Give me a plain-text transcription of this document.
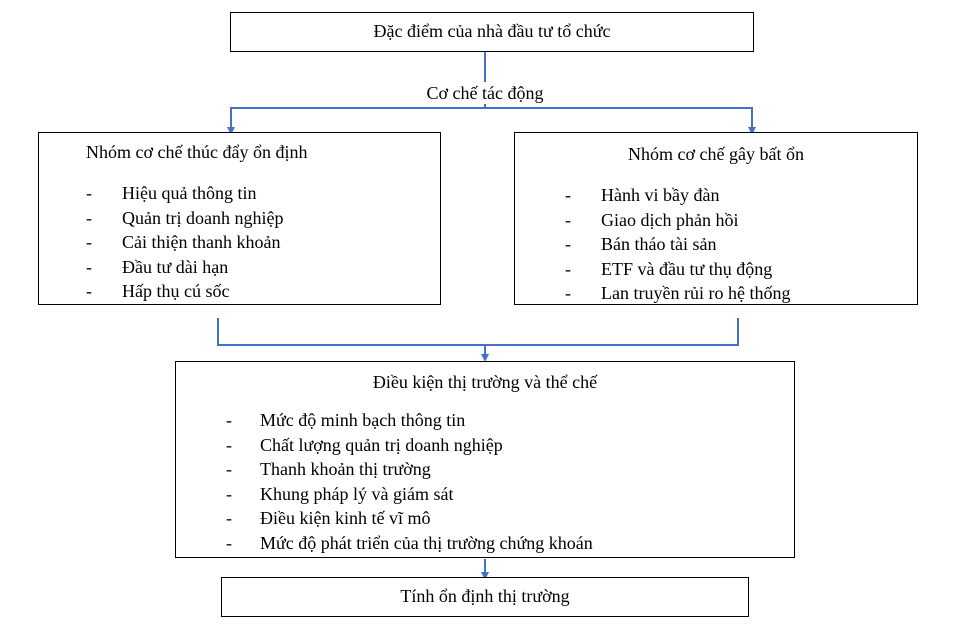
Đặc điểm của nhà đầu tư tổ chức
Cơ chế tác động
Nhóm cơ chế thúc đẩy ổn định
- Hiệu quả thông tin

- Quản trị doanh nghiệp

- Cải thiện thanh khoản

- Đầu tư dài hạn

- Hấp thụ cú sốc

Nhóm cơ chế gây bất ổn
- Hành vi bầy đàn

- Giao dịch phản hồi

- Bán tháo tài sản

- ETF và đầu tư thụ động

- Lan truyền rủi ro hệ thống

Điều kiện thị trường và thể chế
- Mức độ minh bạch thông tin

- Chất lượng quản trị doanh nghiệp

- Thanh khoản thị trường

- Khung pháp lý và giám sát

- Điều kiện kinh tế vĩ mô

- Mức độ phát triển của thị trường chứng khoán

Tính ổn định thị trường
